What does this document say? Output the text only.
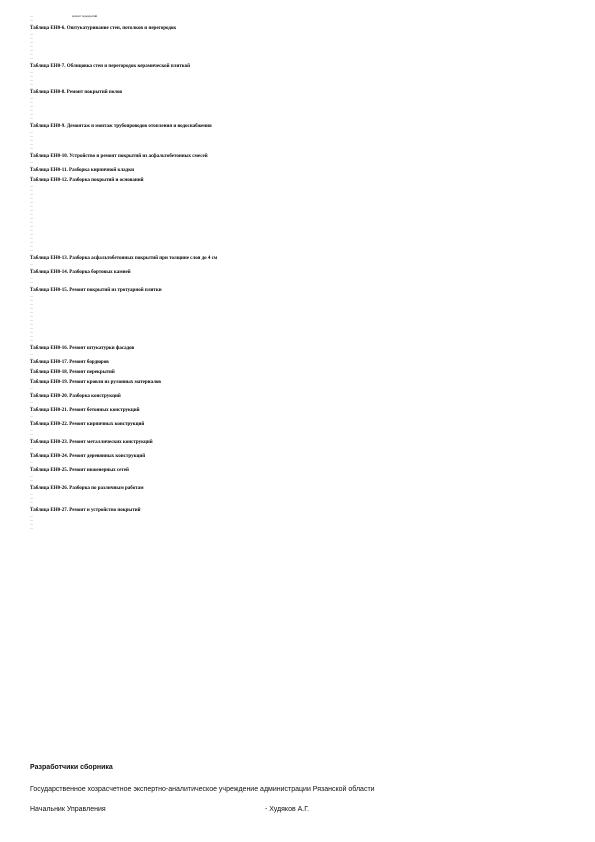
…	ремонт перекрытий
…
…
Таблица ЕН0-6. Оштукатуривание стен, потолков и перегородок
…
…
…
…
…
…
…
…
Таблица ЕН0-7. Облицовка стен и перегородок керамической плиткой
…
…
…
…
…
Таблица ЕН0-8. Ремонт покрытий полов
…
…
…
…
…
…
…
Таблица ЕН0-9. Демонтаж и монтаж трубопроводов отопления и водоснабжения
…
…
…
…
…
…
Таблица ЕН0-10. Устройство и ремонт покрытий из асфальтобетонных смесей
…
…
Таблица ЕН0-11. Разборка кирпичной кладки
…
Таблица ЕН0-12. Разборка покрытий и оснований
…
…
…
…
…
…
…
…
…
…
…
…
…
…
…
…
…
…
Таблица ЕН0-13. Разборка асфальтобетонных покрытий при толщине слоя до 4 см
…
…
Таблица ЕН0-14. Разборка бортовых камней
…
…
…
Таблица ЕН0-15. Ремонт покрытий из тротуарной плитки
…
…
…
…
…
…
…
…
…
…
…
…
…
Таблица ЕН0-16. Ремонт штукатурки фасадов
…
…
Таблица ЕН0-17. Ремонт бордюров
…
Таблица ЕН0-18. Ремонт перекрытий
…
Таблица ЕН0-19. Ремонт кровли из рулонных материалов
…
…
Таблица ЕН0-20. Разборка конструкций
…
…
Таблица ЕН0-21. Ремонт бетонных конструкций
…
…
Таблица ЕН0-22. Ремонт кирпичных конструкций
…
…
…
Таблица ЕН0-23. Ремонт металлических конструкций
…
…
Таблица ЕН0-24. Ремонт деревянных конструкций
…
…
Таблица ЕН0-25. Ремонт инженерных сетей
…
…
…
Таблица ЕН0-26. Разборка по различным работам
…
…
…
…
Таблица ЕН0-27. Ремонт и устройство покрытий
…
…
…
…
Разработчики сборника
Государственное хозрасчетное экспертно-аналитическое учреждение администрации Рязанской области
Начальник Управления	- Худяков А.Г.
